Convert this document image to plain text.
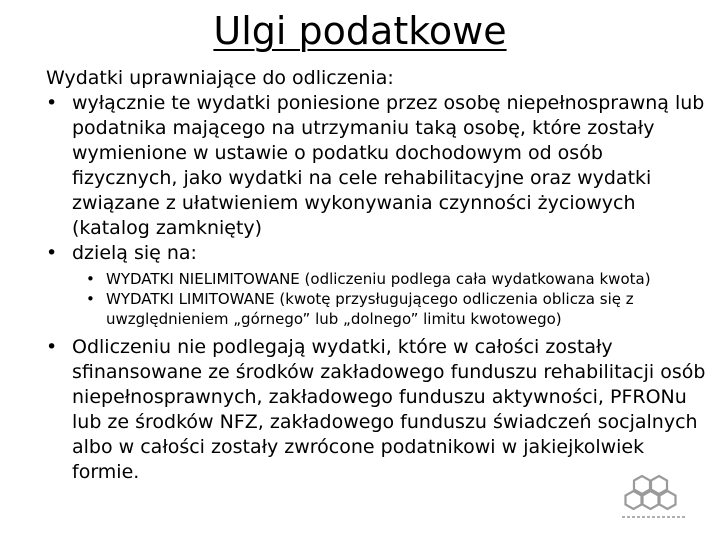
Ulgi podatkowe

Wydatki uprawniające do odliczenia:

• wyłącznie te wydatki poniesione przez osobę niepełnosprawną lub podatnika mającego na utrzymaniu taką osobę, które zostały wymienione w ustawie o podatku dochodowym od osób fizycznych, jako wydatki na cele rehabilitacyjne oraz wydatki związane z ułatwieniem wykonywania czynności życiowych (katalog zamknięty)
• dzielą się na:
• WYDATKI NIELIMITOWANE (odliczeniu podlega cała wydatkowana kwota)
• WYDATKI LIMITOWANE (kwotę przysługującego odliczenia oblicza się z uwzględnieniem „górnego” lub „dolnego” limitu kwotowego)
• Odliczeniu nie podlegają wydatki, które w całości zostały sfinansowane ze środków zakładowego funduszu rehabilitacji osób niepełnosprawnych, zakładowego funduszu aktywności, PFRONu lub ze środków NFZ, zakładowego funduszu świadczeń socjalnych albo w całości zostały zwrócone podatnikowi w jakiejkolwiek formie.
